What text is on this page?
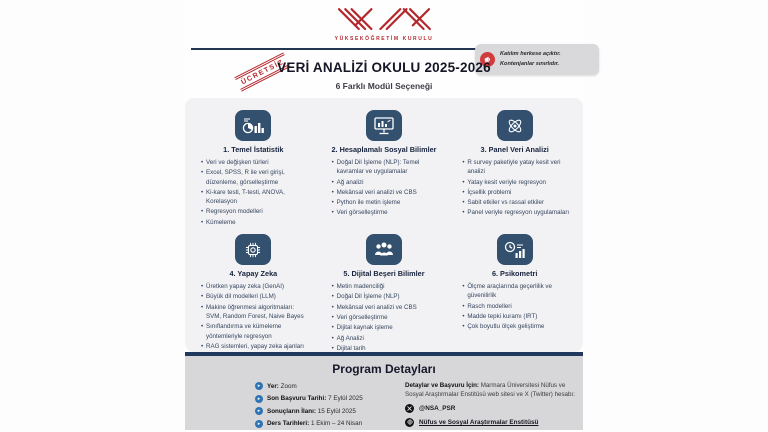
YÜKSEKÖĞRETİM KURULU
Katılım herkese açıktır.
Kontenjanlar sınırlıdır.
ÜCRETSİZ
VERİ ANALİZİ OKULU 2025-2026
6 Farklı Modül Seçeneği
1. Temel İstatistik
• Veri ve değişken türleri
• Excel, SPSS, R ile veri girişi, düzenleme, görselleştirme
• Ki-kare testi, T-testi, ANOVA, Korelasyon
• Regresyon modelleri
• Kümeleme
2. Hesaplamalı Sosyal Bilimler
• Doğal Dil İşleme (NLP): Temel kavramlar ve uygulamalar
• Ağ analizi
• Mekânsal veri analizi ve CBS
• Python ile metin işleme
• Veri görselleştirme
3. Panel Veri Analizi
• R survey paketiyle yatay kesit veri analizi
• Yatay kesit veriyle regresyon
• İçsellik problemi
• Sabit etkiler vs rassal etkiler
• Panel veriyle regresyon uygulamaları
4. Yapay Zeka
• Üretken yapay zeka (GenAI)
• Büyük dil modelleri (LLM)
• Makine öğrenmesi algoritmaları: SVM, Random Forest, Naive Bayes
• Sınıflandırma ve kümeleme yöntemleriyle regresyon
• RAG sistemleri, yapay zeka ajanları
5. Dijital Beşeri Bilimler
• Metin madenciliği
• Doğal Dil İşleme (NLP)
• Mekânsal veri analizi ve CBS
• Veri görselleştirme
• Dijital kaynak işleme
• Ağ Analizi
• Dijital tarih
6. Psikometri
• Ölçme araçlarında geçerlilik ve güvenilirlik
• Rasch modelleri
• Madde tepki kuramı (IRT)
• Çok boyutlu ölçek geliştirme
Program Detayları
▸	Yer: Zoom
▸	Son Başvuru Tarihi: 7 Eylül 2025
▸	Sonuçların İlanı: 15 Eylül 2025
▸	Ders Tarihleri: 1 Ekim – 24 Nisan
Detaylar ve Başvuru İçin: Marmara Üniversitesi Nüfus ve Sosyal Araştırmalar Enstitüsü web sitesi ve X (Twitter) hesabı:
@NSA_PSR
Nüfus ve Sosyal Araştırmalar Enstitüsü
